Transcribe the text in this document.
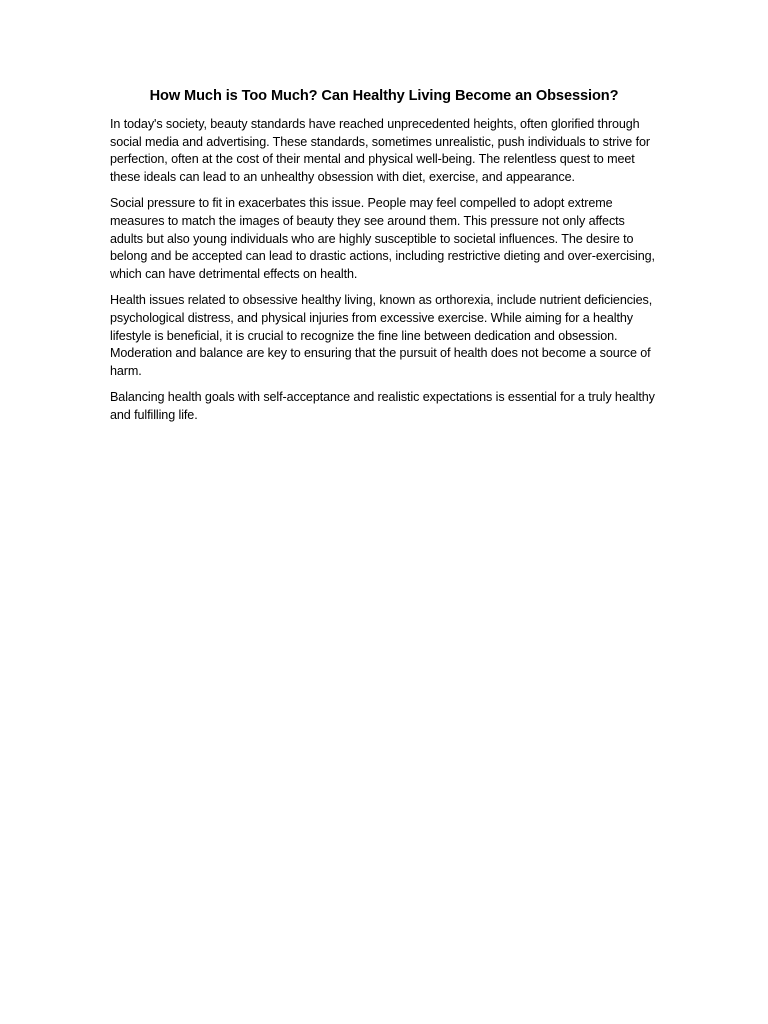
How Much is Too Much? Can Healthy Living Become an Obsession?

In today's society, beauty standards have reached unprecedented heights, often glorified through social media and advertising. These standards, sometimes unrealistic, push individuals to strive for perfection, often at the cost of their mental and physical well-being. The relentless quest to meet these ideals can lead to an unhealthy obsession with diet, exercise, and appearance.

Social pressure to fit in exacerbates this issue. People may feel compelled to adopt extreme measures to match the images of beauty they see around them. This pressure not only affects adults but also young individuals who are highly susceptible to societal influences. The desire to belong and be accepted can lead to drastic actions, including restrictive dieting and over-exercising, which can have detrimental effects on health.

Health issues related to obsessive healthy living, known as orthorexia, include nutrient deficiencies, psychological distress, and physical injuries from excessive exercise. While aiming for a healthy lifestyle is beneficial, it is crucial to recognize the fine line between dedication and obsession. Moderation and balance are key to ensuring that the pursuit of health does not become a source of harm.

Balancing health goals with self-acceptance and realistic expectations is essential for a truly healthy and fulfilling life.
